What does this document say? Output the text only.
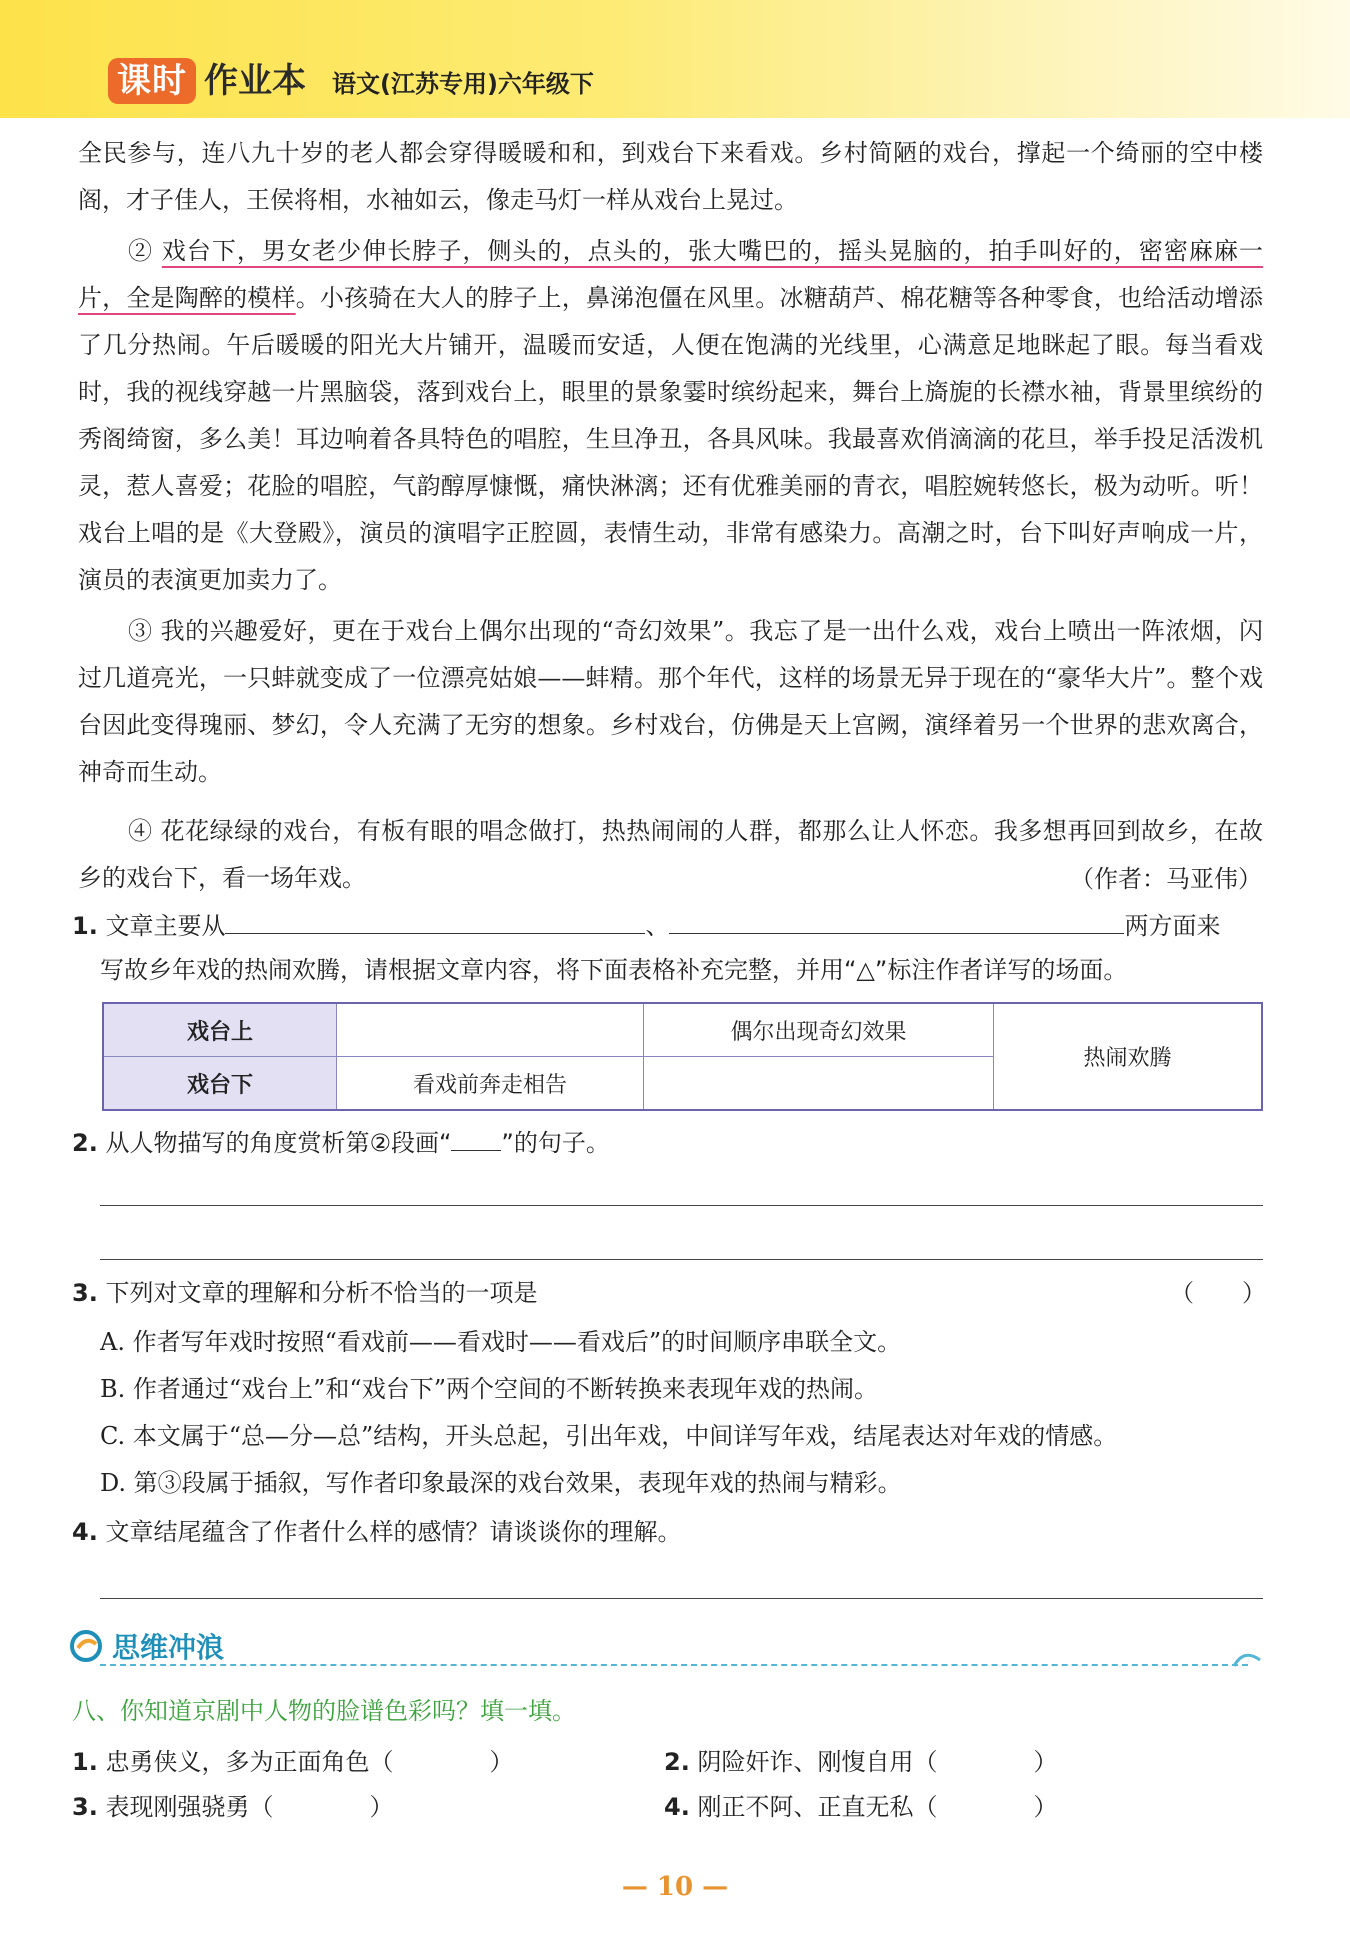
课时 作业本 语文(江苏专用)六年级下

全民参与，连八九十岁的老人都会穿得暖暖和和，到戏台下来看戏。乡村简陋的戏台，撑起一个绮丽的空中楼阁，才子佳人，王侯将相，水袖如云，像走马灯一样从戏台上晃过。

② 戏台下，男女老少伸长脖子，侧头的，点头的，张大嘴巴的，摇头晃脑的，拍手叫好的，密密麻麻一片，全是陶醉的模样。小孩骑在大人的脖子上，鼻涕泡僵在风里。冰糖葫芦、棉花糖等各种零食，也给活动增添了几分热闹。午后暖暖的阳光大片铺开，温暖而安适，人便在饱满的光线里，心满意足地眯起了眼。每当看戏时，我的视线穿越一片黑脑袋，落到戏台上，眼里的景象霎时缤纷起来，舞台上旖旎的长襟水袖，背景里缤纷的秀阁绮窗，多么美！耳边响着各具特色的唱腔，生旦净丑，各具风味。我最喜欢俏滴滴的花旦，举手投足活泼机灵，惹人喜爱；花脸的唱腔，气韵醇厚慷慨，痛快淋漓；还有优雅美丽的青衣，唱腔婉转悠长，极为动听。听！戏台上唱的是《大登殿》，演员的演唱字正腔圆，表情生动，非常有感染力。高潮之时，台下叫好声响成一片，演员的表演更加卖力了。

③ 我的兴趣爱好，更在于戏台上偶尔出现的“奇幻效果”。我忘了是一出什么戏，戏台上喷出一阵浓烟，闪过几道亮光，一只蚌就变成了一位漂亮姑娘——蚌精。那个年代，这样的场景无异于现在的“豪华大片”。整个戏台因此变得瑰丽、梦幻，令人充满了无穷的想象。乡村戏台，仿佛是天上宫阙，演绎着另一个世界的悲欢离合，神奇而生动。

④ 花花绿绿的戏台，有板有眼的唱念做打，热热闹闹的人群，都那么让人怀恋。我多想再回到故乡，在故乡的戏台下，看一场年戏。	（作者：马亚伟）
1. 文章主要从	、	两方面来
写故乡年戏的热闹欢腾，请根据文章内容，将下面表格补充完整，并用“△”标注作者详写的场面。
戏台上		偶尔出现奇幻效果	热闹欢腾
戏台下	看戏前奔走相告		
2. 从人物描写的角度赏析第②段画“ ”的句子。
3. 下列对文章的理解和分析不恰当的一项是	（　　）
A. 作者写年戏时按照“看戏前——看戏时——看戏后”的时间顺序串联全文。
B. 作者通过“戏台上”和“戏台下”两个空间的不断转换来表现年戏的热闹。
C. 本文属于“总—分—总”结构，开头总起，引出年戏，中间详写年戏，结尾表达对年戏的情感。
D. 第③段属于插叙，写作者印象最深的戏台效果，表现年戏的热闹与精彩。
4. 文章结尾蕴含了作者什么样的感情？请谈谈你的理解。
思维冲浪
八、你知道京剧中人物的脸谱色彩吗？填一填。
1. 忠勇侠义，多为正面角色（　　　　）	2. 阴险奸诈、刚愎自用（　　　　）
3. 表现刚强骁勇（　　　　）	4. 刚正不阿、正直无私（　　　　）
— 10 —
